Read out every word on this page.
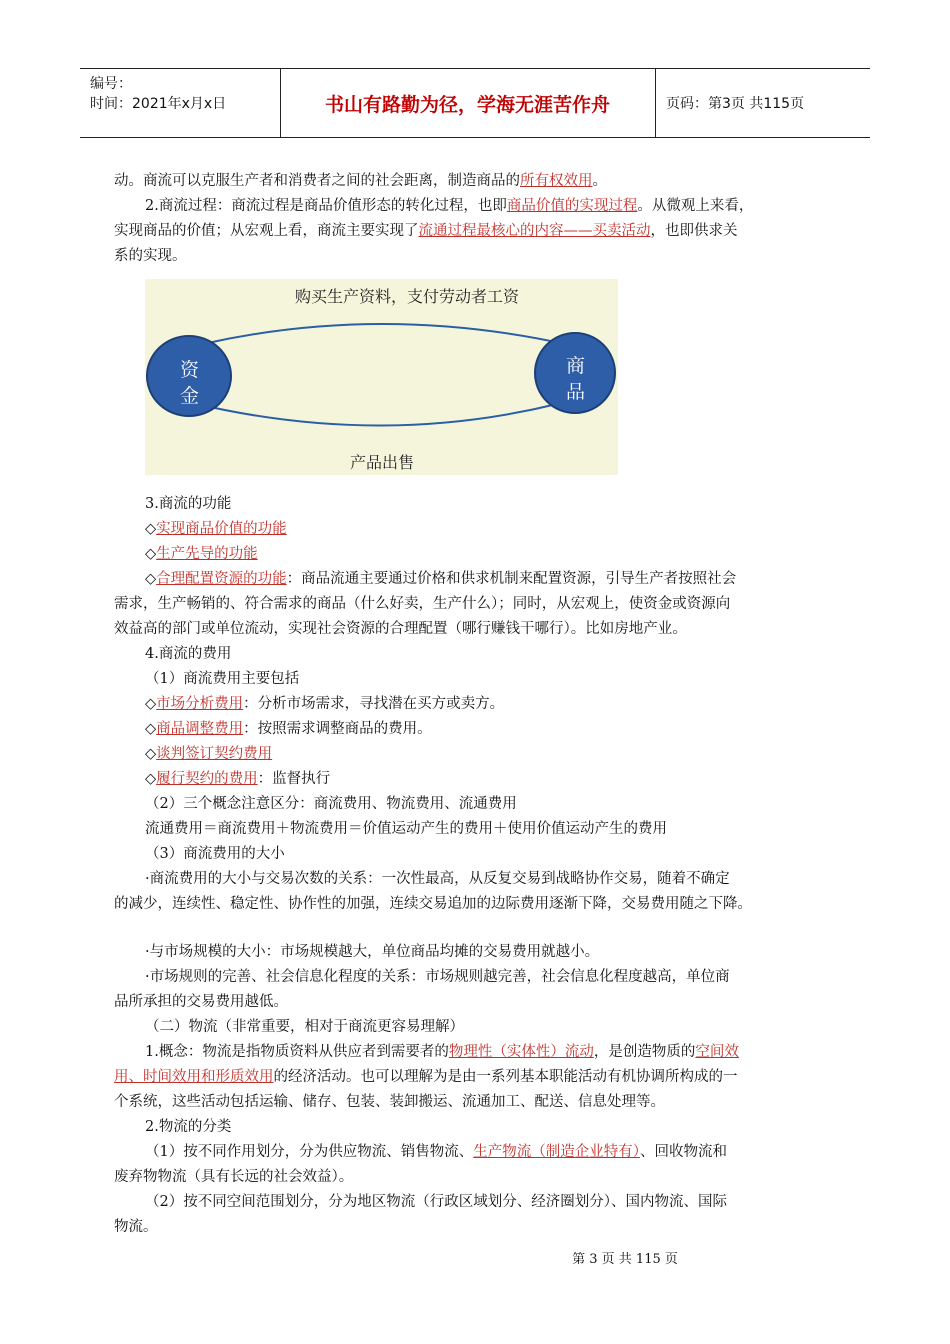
编号：
时间：2021年x月x日	书山有路勤为径，学海无涯苦作舟	页码：第3页 共115页
动。商流可以克服生产者和消费者之间的社会距离，制造商品的所有权效用。
2.商流过程：商流过程是商品价值形态的转化过程，也即商品价值的实现过程。从微观上来看，
实现商品的价值；从宏观上看，商流主要实现了流通过程最核心的内容——买卖活动，也即供求关
系的实现。
购买生产资料，支付劳动者工资
产品出售
资
金
商
品
3.商流的功能
◇实现商品价值的功能
◇生产先导的功能
◇合理配置资源的功能：商品流通主要通过价格和供求机制来配置资源，引导生产者按照社会
需求，生产畅销的、符合需求的商品（什么好卖，生产什么）；同时，从宏观上，使资金或资源向
效益高的部门或单位流动，实现社会资源的合理配置（哪行赚钱干哪行）。比如房地产业。
4.商流的费用
（1）商流费用主要包括
◇市场分析费用：分析市场需求，寻找潜在买方或卖方。
◇商品调整费用：按照需求调整商品的费用。
◇谈判签订契约费用
◇履行契约的费用：监督执行
（2）三个概念注意区分：商流费用、物流费用、流通费用
流通费用＝商流费用＋物流费用＝价值运动产生的费用＋使用价值运动产生的费用
（3）商流费用的大小
·商流费用的大小与交易次数的关系：一次性最高，从反复交易到战略协作交易，随着不确定
的减少，连续性、稳定性、协作性的加强，连续交易追加的边际费用逐渐下降，交易费用随之下降。
·与市场规模的大小：市场规模越大，单位商品均摊的交易费用就越小。
·市场规则的完善、社会信息化程度的关系：市场规则越完善，社会信息化程度越高，单位商
品所承担的交易费用越低。
（二）物流（非常重要，相对于商流更容易理解）
1.概念：物流是指物质资料从供应者到需要者的物理性（实体性）流动，是创造物质的空间效
用、时间效用和形质效用的经济活动。也可以理解为是由一系列基本职能活动有机协调所构成的一
个系统，这些活动包括运输、储存、包装、装卸搬运、流通加工、配送、信息处理等。
2.物流的分类
（1）按不同作用划分，分为供应物流、销售物流、生产物流（制造企业特有）、回收物流和
废弃物物流（具有长远的社会效益）。
（2）按不同空间范围划分，分为地区物流（行政区域划分、经济圈划分）、国内物流、国际
物流。
第 3 页 共 115 页
